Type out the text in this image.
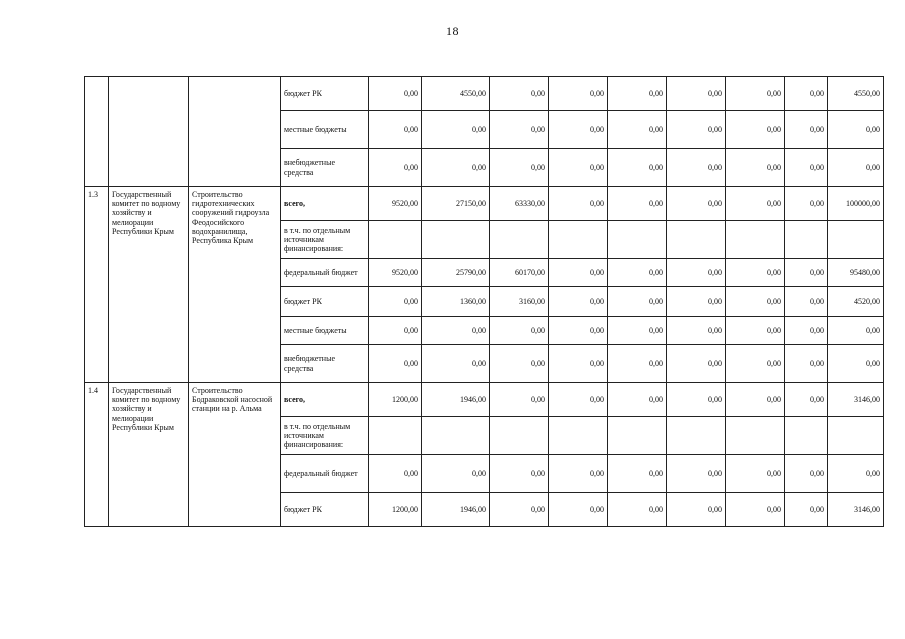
18
			бюджет РК	0,00	4550,00	0,00	0,00	0,00	0,00	0,00	0,00	4550,00
			местные бюджеты	0,00	0,00	0,00	0,00	0,00	0,00	0,00	0,00	0,00
			внебюджетные средства	0,00	0,00	0,00	0,00	0,00	0,00	0,00	0,00	0,00
1.3	Государственный комитет по водному хозяйству и мелиорации Республики Крым	Строительство гидротехнических сооружений гидроузла Феодосийского водохранилища, Республика Крым	всего,	9520,00	27150,00	63330,00	0,00	0,00	0,00	0,00	0,00	100000,00
			в т.ч. по отдельным источникам финансирования:									
			федеральный бюджет	9520,00	25790,00	60170,00	0,00	0,00	0,00	0,00	0,00	95480,00
			бюджет РК	0,00	1360,00	3160,00	0,00	0,00	0,00	0,00	0,00	4520,00
			местные бюджеты	0,00	0,00	0,00	0,00	0,00	0,00	0,00	0,00	0,00
			внебюджетные средства	0,00	0,00	0,00	0,00	0,00	0,00	0,00	0,00	0,00
1.4	Государственный комитет по водному хозяйству и мелиорации Республики Крым	Строительство Бодраковской насосной станции на р. Альма	всего,	1200,00	1946,00	0,00	0,00	0,00	0,00	0,00	0,00	3146,00
			в т.ч. по отдельным источникам финансирования:									
			федеральный бюджет	0,00	0,00	0,00	0,00	0,00	0,00	0,00	0,00	0,00
			бюджет РК	1200,00	1946,00	0,00	0,00	0,00	0,00	0,00	0,00	3146,00
